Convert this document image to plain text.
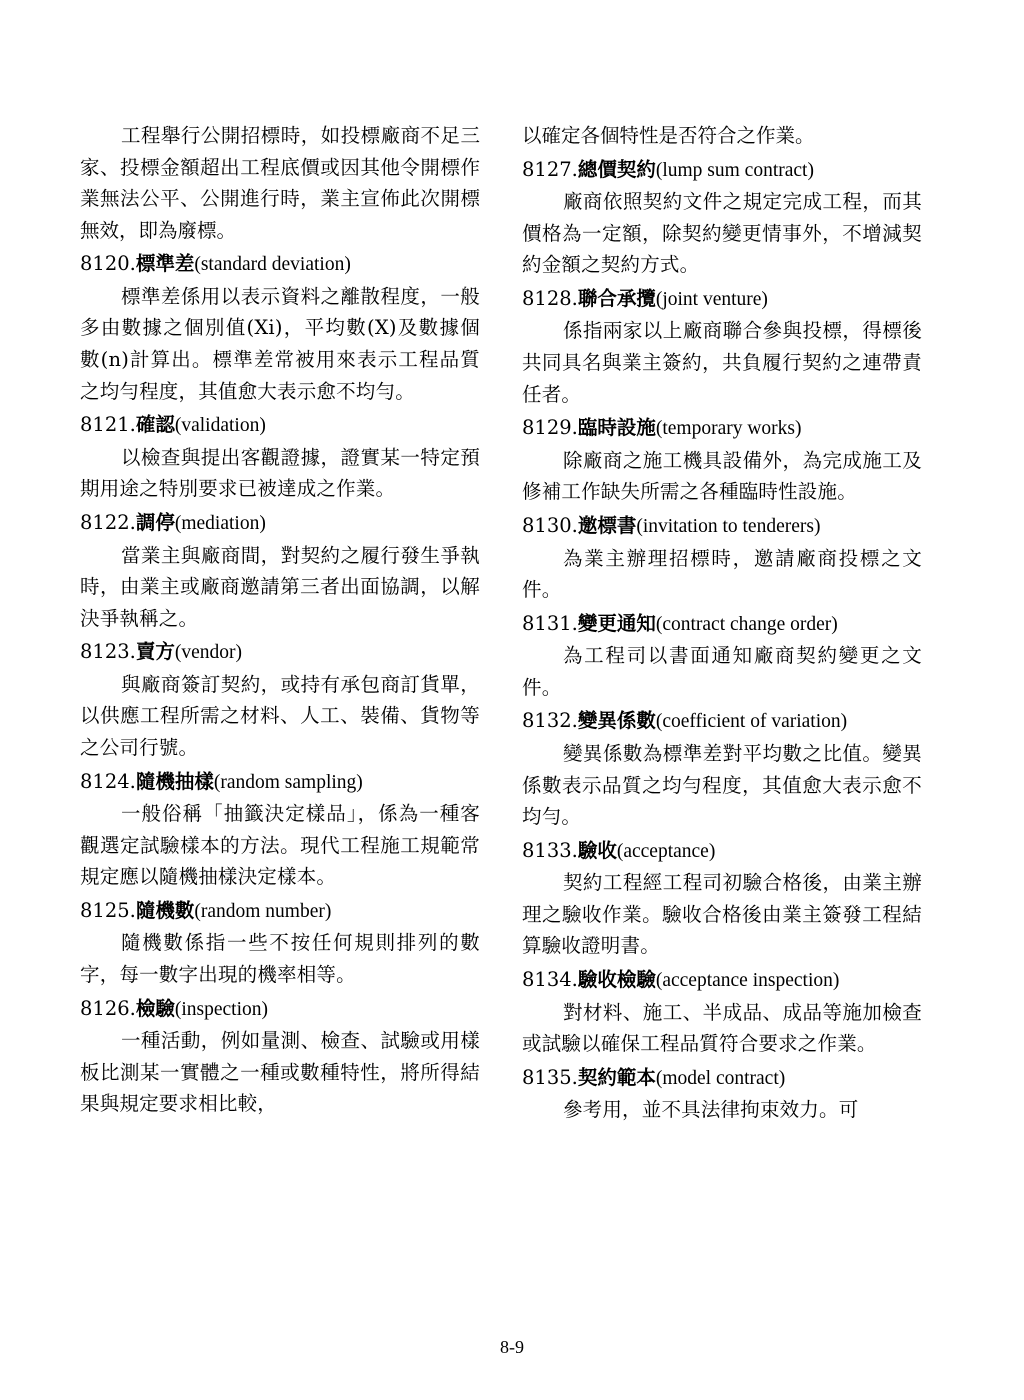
工程舉行公開招標時，如投標廠商不足三家、投標金額超出工程底價或因其他令開標作業無法公平、公開進行時，業主宣佈此次開標無效，即為廢標。

8120.標準差(standard deviation)

標準差係用以表示資料之離散程度，一般多由數據之個別值(Xi)，平均數(X)及數據個數(n)計算出。標準差常被用來表示工程品質之均勻程度，其值愈大表示愈不均勻。

8121.確認(validation)

以檢查與提出客觀證據，證實某一特定預期用途之特別要求已被達成之作業。

8122.調停(mediation)

當業主與廠商間，對契約之履行發生爭執時，由業主或廠商邀請第三者出面協調，以解決爭執稱之。

8123.賣方(vendor)

與廠商簽訂契約，或持有承包商訂貨單，以供應工程所需之材料、人工、裝備、貨物等之公司行號。

8124.隨機抽樣(random sampling)

一般俗稱「抽籤決定樣品」，係為一種客觀選定試驗樣本的方法。現代工程施工規範常規定應以隨機抽樣決定樣本。

8125.隨機數(random number)

隨機數係指一些不按任何規則排列的數字，每一數字出現的機率相等。

8126.檢驗(inspection)

一種活動，例如量測、檢查、試驗或用樣板比測某一實體之一種或數種特性，將所得結果與規定要求相比較，

以確定各個特性是否符合之作業。

8127.總價契約(lump sum contract)

廠商依照契約文件之規定完成工程，而其價格為一定額，除契約變更情事外，不增減契約金額之契約方式。

8128.聯合承攬(joint venture)

係指兩家以上廠商聯合參與投標，得標後共同具名與業主簽約，共負履行契約之連帶責任者。

8129.臨時設施(temporary works)

除廠商之施工機具設備外，為完成施工及修補工作缺失所需之各種臨時性設施。

8130.邀標書(invitation to tenderers)

為業主辦理招標時，邀請廠商投標之文件。

8131.變更通知(contract change order)

為工程司以書面通知廠商契約變更之文件。

8132.變異係數(coefficient of variation)

變異係數為標準差對平均數之比值。變異係數表示品質之均勻程度，其值愈大表示愈不均勻。

8133.驗收(acceptance)

契約工程經工程司初驗合格後，由業主辦理之驗收作業。驗收合格後由業主簽發工程結算驗收證明書。

8134.驗收檢驗(acceptance inspection)

對材料、施工、半成品、成品等施加檢查或試驗以確保工程品質符合要求之作業。

8135.契約範本(model contract)

參考用，並不具法律拘束效力。可

8-9
